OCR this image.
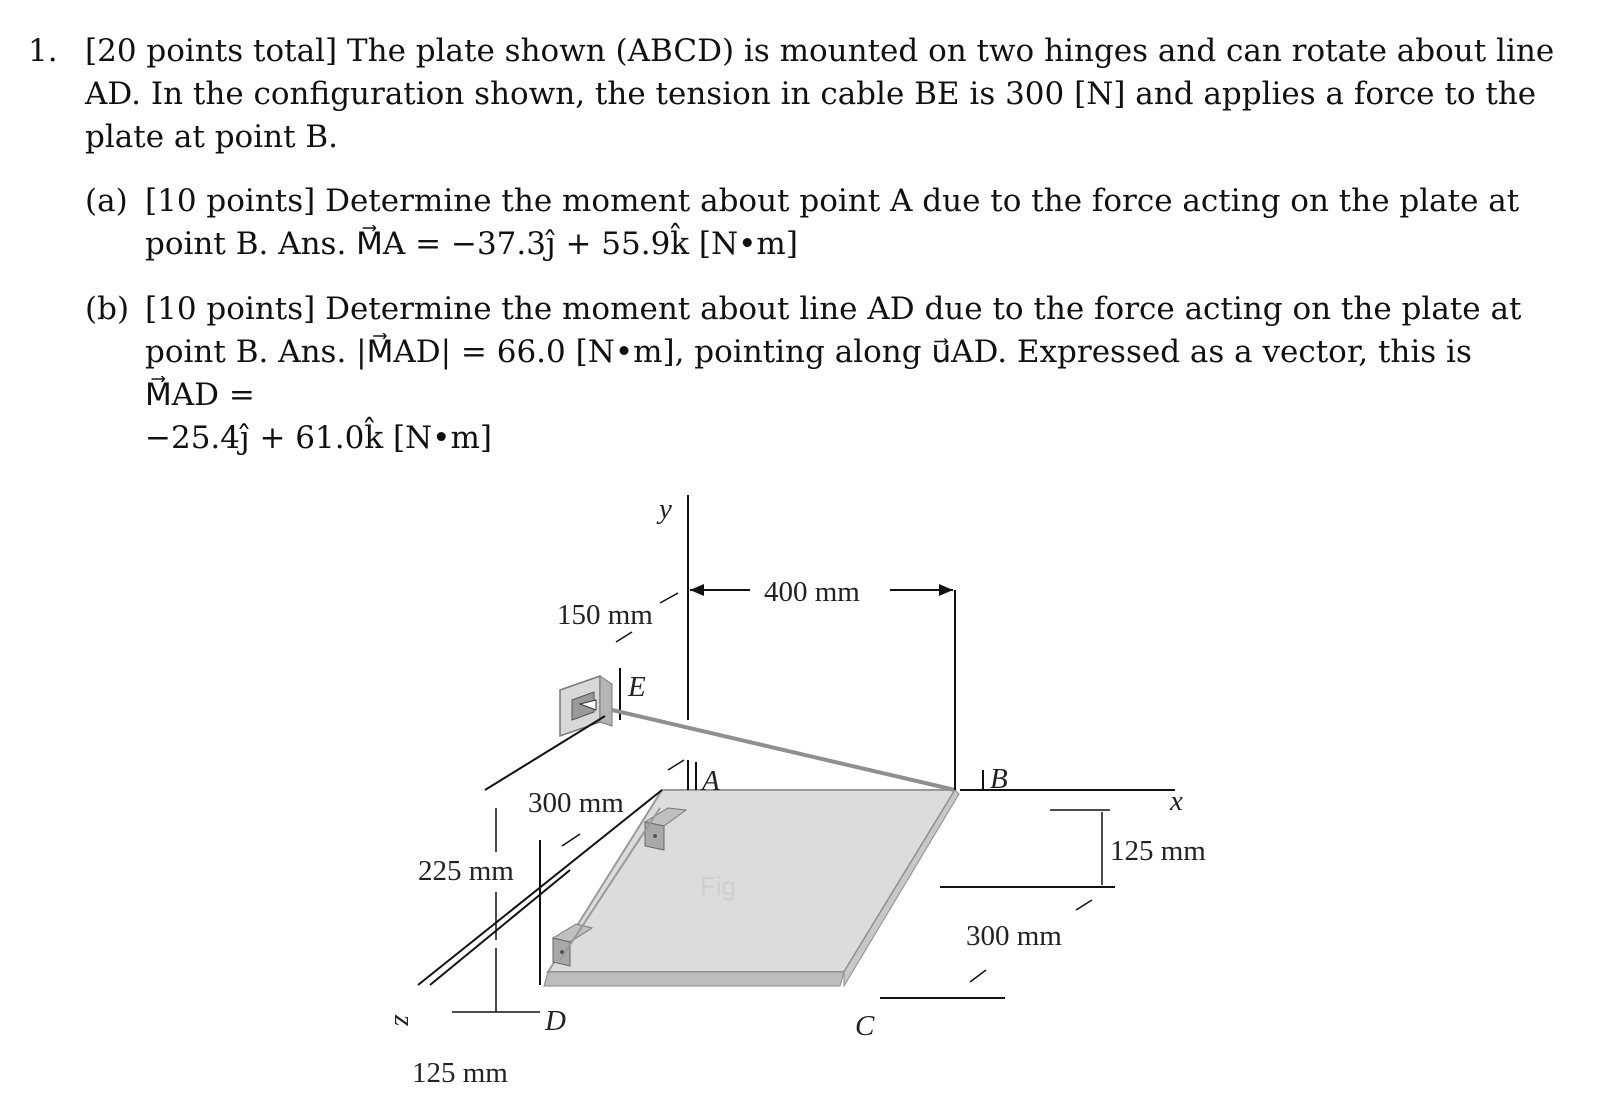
1. [20 points total] The plate shown (ABCD) is mounted on two hinges and can rotate about line
AD. In the configuration shown, the tension in cable BE is 300 [N] and applies a force to the
plate at point B.
(a) [10 points] Determine the moment about point A due to the force acting on the plate at
point B. Ans. M⃗A = −37.3ĵ + 55.9k̂ [N•m]
(b) [10 points] Determine the moment about line AD due to the force acting on the plate at
point B. Ans. |M⃗AD| = 66.0 [N•m], pointing along u⃗AD. Expressed as a vector, this is M⃗AD =
−25.4ĵ + 61.0k̂ [N•m]
y
x
z
E
400 mm
150 mm
A
300 mm
225 mm
125 mm
D	C
B
125 mm
300 mm
Fig
